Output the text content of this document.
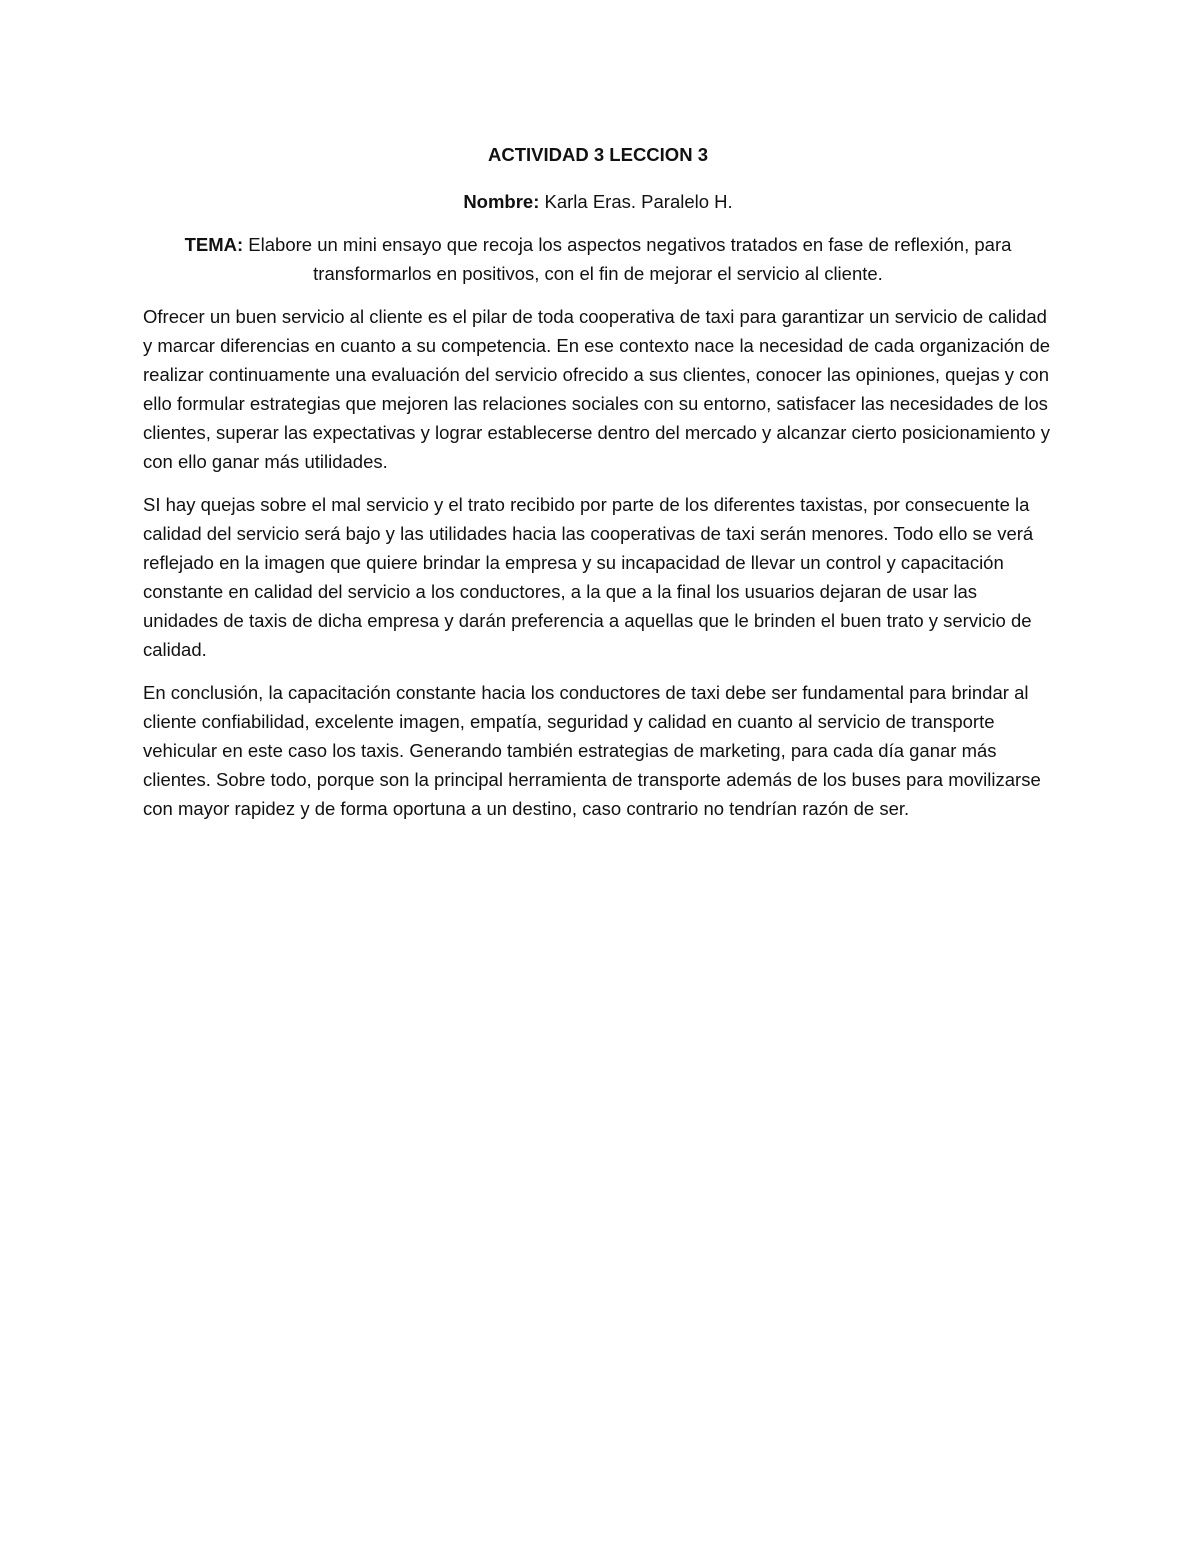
ACTIVIDAD 3 LECCION 3

Nombre: Karla Eras. Paralelo H.

TEMA: Elabore un mini ensayo que recoja los aspectos negativos tratados en fase de reflexión, para transformarlos en positivos, con el fin de mejorar el servicio al cliente.

Ofrecer un buen servicio al cliente es el pilar de toda cooperativa de taxi para garantizar un servicio de calidad y marcar diferencias en cuanto a su competencia. En ese contexto nace la necesidad de cada organización de realizar continuamente una evaluación del servicio ofrecido a sus clientes, conocer las opiniones, quejas y con ello formular estrategias que mejoren las relaciones sociales con su entorno, satisfacer las necesidades de los clientes, superar las expectativas y lograr establecerse dentro del mercado y alcanzar cierto posicionamiento y con ello ganar más utilidades.

SI hay quejas sobre el mal servicio y el trato recibido por parte de los diferentes taxistas, por consecuente la calidad del servicio será bajo y las utilidades hacia las cooperativas de taxi serán menores. Todo ello se verá reflejado en la imagen que quiere brindar la empresa y su incapacidad de llevar un control y capacitación constante en calidad del servicio a los conductores, a la que a la final los usuarios dejaran de usar las unidades de taxis de dicha empresa y darán preferencia a aquellas que le brinden el buen trato y servicio de calidad.

En conclusión, la capacitación constante hacia los conductores de taxi debe ser fundamental para brindar al cliente confiabilidad, excelente imagen, empatía, seguridad y calidad en cuanto al servicio de transporte vehicular en este caso los taxis. Generando también estrategias de marketing, para cada día ganar más clientes. Sobre todo, porque son la principal herramienta de transporte además de los buses para movilizarse con mayor rapidez y de forma oportuna a un destino, caso contrario no tendrían razón de ser.
